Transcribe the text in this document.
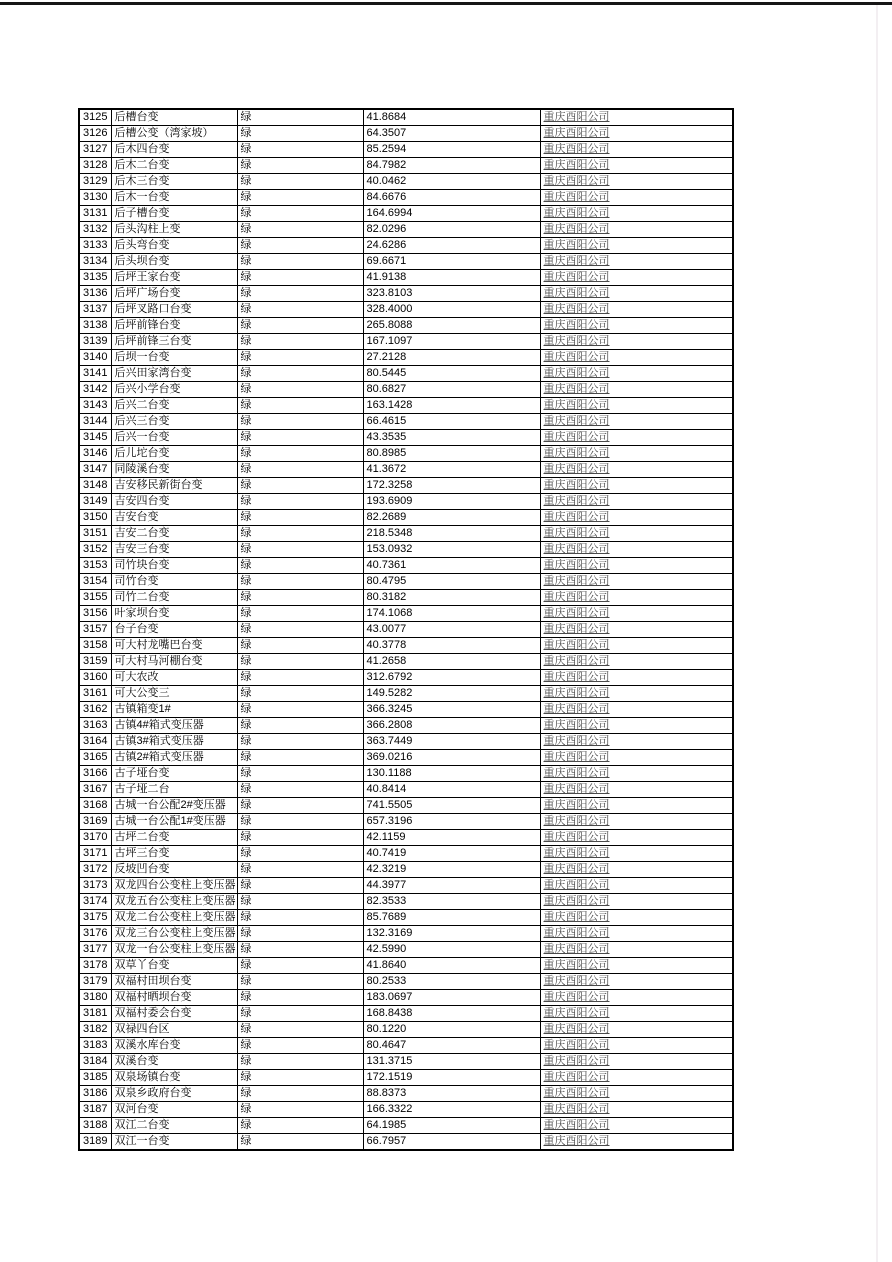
3125	后槽台变	绿	41.8684	重庆酉阳公司
3126	后槽公变（湾家坡）	绿	64.3507	重庆酉阳公司
3127	后木四台变	绿	85.2594	重庆酉阳公司
3128	后木二台变	绿	84.7982	重庆酉阳公司
3129	后木三台变	绿	40.0462	重庆酉阳公司
3130	后木一台变	绿	84.6676	重庆酉阳公司
3131	后子槽台变	绿	164.6994	重庆酉阳公司
3132	后头沟柱上变	绿	82.0296	重庆酉阳公司
3133	后头弯台变	绿	24.6286	重庆酉阳公司
3134	后头坝台变	绿	69.6671	重庆酉阳公司
3135	后坪王家台变	绿	41.9138	重庆酉阳公司
3136	后坪广场台变	绿	323.8103	重庆酉阳公司
3137	后坪叉路口台变	绿	328.4000	重庆酉阳公司
3138	后坪前锋台变	绿	265.8088	重庆酉阳公司
3139	后坪前锋三台变	绿	167.1097	重庆酉阳公司
3140	后坝一台变	绿	27.2128	重庆酉阳公司
3141	后兴田家湾台变	绿	80.5445	重庆酉阳公司
3142	后兴小学台变	绿	80.6827	重庆酉阳公司
3143	后兴二台变	绿	163.1428	重庆酉阳公司
3144	后兴三台变	绿	66.4615	重庆酉阳公司
3145	后兴一台变	绿	43.3535	重庆酉阳公司
3146	后儿坨台变	绿	80.8985	重庆酉阳公司
3147	同陵溪台变	绿	41.3672	重庆酉阳公司
3148	吉安移民新街台变	绿	172.3258	重庆酉阳公司
3149	吉安四台变	绿	193.6909	重庆酉阳公司
3150	吉安台变	绿	82.2689	重庆酉阳公司
3151	吉安二台变	绿	218.5348	重庆酉阳公司
3152	吉安三台变	绿	153.0932	重庆酉阳公司
3153	司竹块台变	绿	40.7361	重庆酉阳公司
3154	司竹台变	绿	80.4795	重庆酉阳公司
3155	司竹二台变	绿	80.3182	重庆酉阳公司
3156	叶家坝台变	绿	174.1068	重庆酉阳公司
3157	台子台变	绿	43.0077	重庆酉阳公司
3158	可大村龙嘴巴台变	绿	40.3778	重庆酉阳公司
3159	可大村马河棚台变	绿	41.2658	重庆酉阳公司
3160	可大农改	绿	312.6792	重庆酉阳公司
3161	可大公变三	绿	149.5282	重庆酉阳公司
3162	古镇箱变1#	绿	366.3245	重庆酉阳公司
3163	古镇4#箱式变压器	绿	366.2808	重庆酉阳公司
3164	古镇3#箱式变压器	绿	363.7449	重庆酉阳公司
3165	古镇2#箱式变压器	绿	369.0216	重庆酉阳公司
3166	古子垭台变	绿	130.1188	重庆酉阳公司
3167	古子垭二台	绿	40.8414	重庆酉阳公司
3168	古城一台公配2#变压器	绿	741.5505	重庆酉阳公司
3169	古城一台公配1#变压器	绿	657.3196	重庆酉阳公司
3170	古坪二台变	绿	42.1159	重庆酉阳公司
3171	古坪三台变	绿	40.7419	重庆酉阳公司
3172	反坡凹台变	绿	42.3219	重庆酉阳公司
3173	双龙四台公变柱上变压器	绿	44.3977	重庆酉阳公司
3174	双龙五台公变柱上变压器	绿	82.3533	重庆酉阳公司
3175	双龙二台公变柱上变压器	绿	85.7689	重庆酉阳公司
3176	双龙三台公变柱上变压器	绿	132.3169	重庆酉阳公司
3177	双龙一台公变柱上变压器	绿	42.5990	重庆酉阳公司
3178	双草丫台变	绿	41.8640	重庆酉阳公司
3179	双福村田坝台变	绿	80.2533	重庆酉阳公司
3180	双福村晒坝台变	绿	183.0697	重庆酉阳公司
3181	双福村委会台变	绿	168.8438	重庆酉阳公司
3182	双禄四台区	绿	80.1220	重庆酉阳公司
3183	双溪水库台变	绿	80.4647	重庆酉阳公司
3184	双溪台变	绿	131.3715	重庆酉阳公司
3185	双泉场镇台变	绿	172.1519	重庆酉阳公司
3186	双泉乡政府台变	绿	88.8373	重庆酉阳公司
3187	双河台变	绿	166.3322	重庆酉阳公司
3188	双江二台变	绿	64.1985	重庆酉阳公司
3189	双江一台变	绿	66.7957	重庆酉阳公司
